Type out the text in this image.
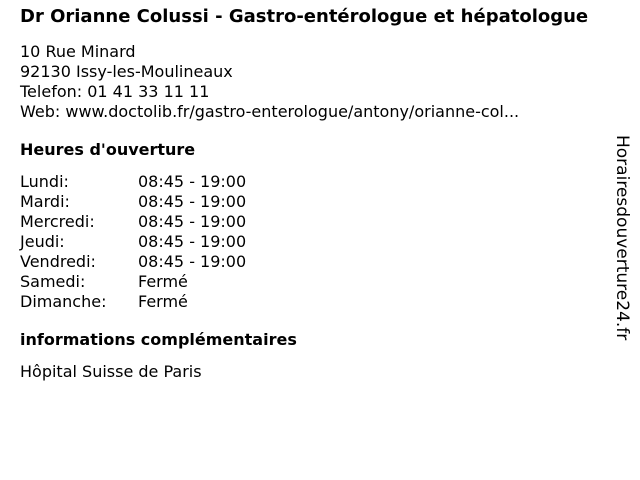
Dr Orianne Colussi - Gastro-entérologue et hépatologue
10 Rue Minard
92130 Issy-les-Moulineaux
Telefon: 01 41 33 11 11
Web: www.doctolib.fr/gastro-enterologue/antony/orianne-col...
Heures d'ouverture
Lundi:	08:45 - 19:00
Mardi:	08:45 - 19:00
Mercredi:	08:45 - 19:00
Jeudi:	08:45 - 19:00
Vendredi:	08:45 - 19:00
Samedi:	Fermé
Dimanche:	Fermé
informations complémentaires
Hôpital Suisse de Paris
Horairesdouverture24.fr
